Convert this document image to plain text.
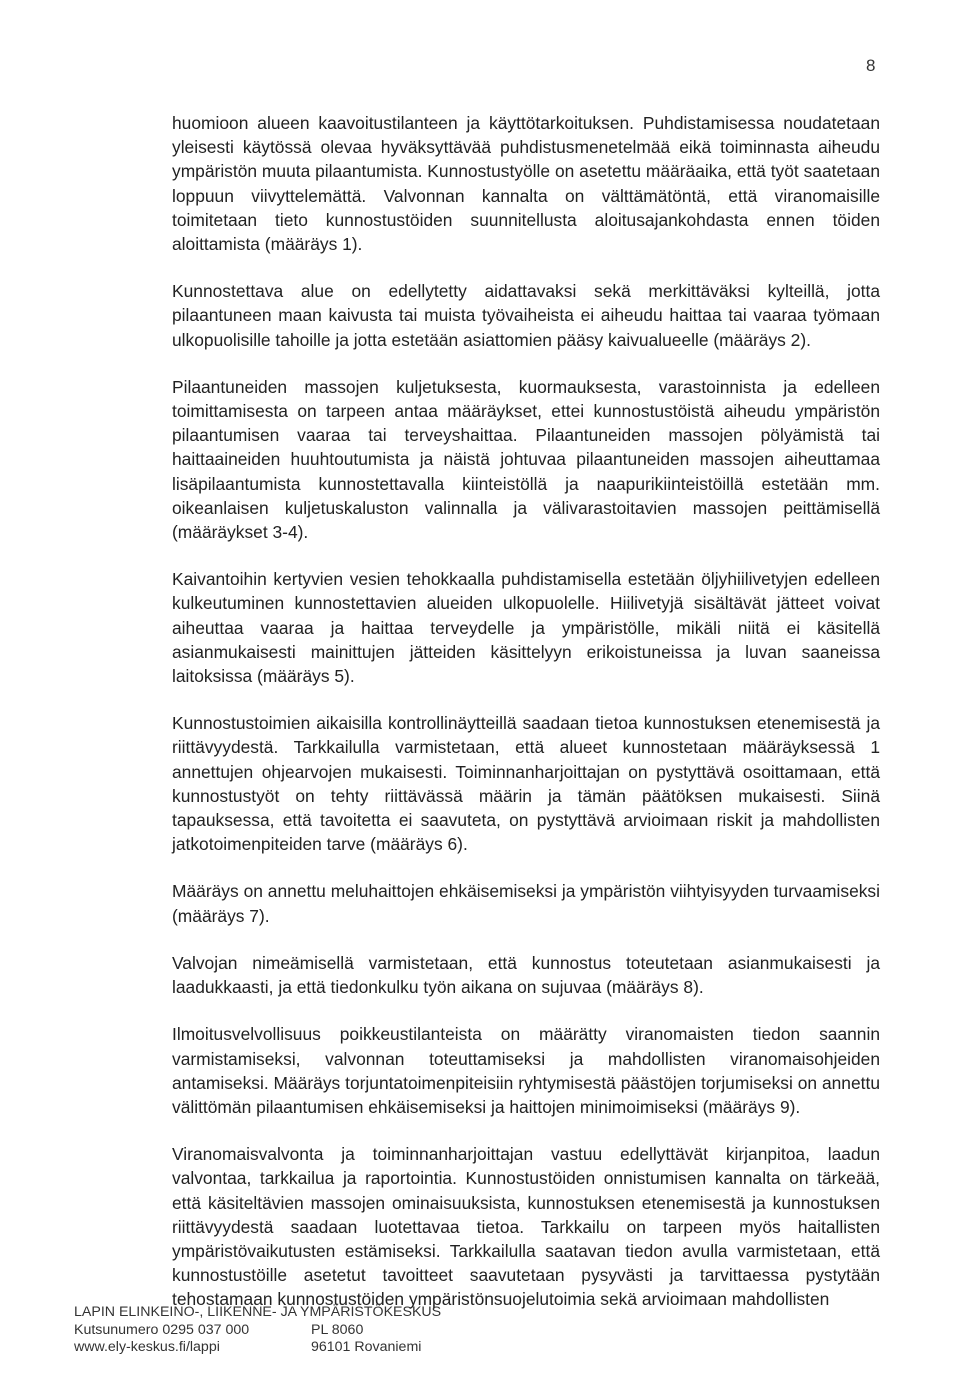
8

huomioon alueen kaavoitustilanteen ja käyttötarkoituksen. Puhdistamisessa noudatetaan yleisesti käytössä olevaa hyväksyttävää puhdistusmenetelmää eikä toiminnasta aiheudu ympäristön muuta pilaantumista. Kunnostustyölle on asetettu määräaika, että työt saatetaan loppuun viivyttelemättä. Valvonnan kannalta on välttämätöntä, että viranomaisille toimitetaan tieto kunnostustöiden suunnitellusta aloitusajankohdasta ennen töiden aloittamista (määräys 1).

Kunnostettava alue on edellytetty aidattavaksi sekä merkittäväksi kylteillä, jotta pilaantuneen maan kaivusta tai muista työvaiheista ei aiheudu haittaa tai vaaraa työmaan ulkopuolisille tahoille ja jotta estetään asiattomien pääsy kaivualueelle (määräys 2).

Pilaantuneiden massojen kuljetuksesta, kuormauksesta, varastoinnista ja edelleen toimittamisesta on tarpeen antaa määräykset, ettei kunnostustöistä aiheudu ympäristön pilaantumisen vaaraa tai terveyshaittaa. Pilaantuneiden massojen pölyämistä tai haittaaineiden huuhtoutumista ja näistä johtuvaa pilaantuneiden massojen aiheuttamaa lisäpilaantumista kunnostettavalla kiinteistöllä ja naapurikiinteistöillä estetään mm. oikeanlaisen kuljetuskaluston valinnalla ja välivarastoitavien massojen peittämisellä (määräykset 3-4).

Kaivantoihin kertyvien vesien tehokkaalla puhdistamisella estetään öljyhiilivetyjen edelleen kulkeutuminen kunnostettavien alueiden ulkopuolelle. Hiilivetyjä sisältävät jätteet voivat aiheuttaa vaaraa ja haittaa terveydelle ja ympäristölle, mikäli niitä ei käsitellä asianmukaisesti mainittujen jätteiden käsittelyyn erikoistuneissa ja luvan saaneissa laitoksissa (määräys 5).

Kunnostustoimien aikaisilla kontrollinäytteillä saadaan tietoa kunnostuksen etenemisestä ja riittävyydestä. Tarkkailulla varmistetaan, että alueet kunnostetaan määräyksessä 1 annettujen ohjearvojen mukaisesti. Toiminnanharjoittajan on pystyttävä osoittamaan, että kunnostustyöt on tehty riittävässä määrin ja tämän päätöksen mukaisesti. Siinä tapauksessa, että tavoitetta ei saavuteta, on pystyttävä arvioimaan riskit ja mahdollisten jatkotoimenpiteiden tarve (määräys 6).

Määräys on annettu meluhaittojen ehkäisemiseksi ja ympäristön viihtyisyyden turvaamiseksi (määräys 7).

Valvojan nimeämisellä varmistetaan, että kunnostus toteutetaan asianmukaisesti ja laadukkaasti, ja että tiedonkulku työn aikana on sujuvaa (määräys 8).

Ilmoitusvelvollisuus poikkeustilanteista on määrätty viranomaisten tiedon saannin varmistamiseksi, valvonnan toteuttamiseksi ja mahdollisten viranomaisohjeiden antamiseksi. Määräys torjuntatoimenpiteisiin ryhtymisestä päästöjen torjumiseksi on annettu välittömän pilaantumisen ehkäisemiseksi ja haittojen minimoimiseksi (määräys 9).

Viranomaisvalvonta ja toiminnanharjoittajan vastuu edellyttävät kirjanpitoa, laadun valvontaa, tarkkailua ja raportointia. Kunnostustöiden onnistumisen kannalta on tärkeää, että käsiteltävien massojen ominaisuuksista, kunnostuksen etenemisestä ja kunnostuksen riittävyydestä saadaan luotettavaa tietoa. Tarkkailu on tarpeen myös haitallisten ympäristövaikutusten estämiseksi. Tarkkailulla saatavan tiedon avulla varmistetaan, että kunnostustöille asetetut tavoitteet saavutetaan pysyvästi ja tarvittaessa pystytään tehostamaan kunnostustöiden ympäristönsuojelutoimia sekä arvioimaan mahdollisten

LAPIN ELINKEINO-, LIIKENNE- JA YMPÄRISTÖKESKUS
Kutsunumero 0295 037 000	PL 8060
www.ely-keskus.fi/lappi	96101 Rovaniemi
